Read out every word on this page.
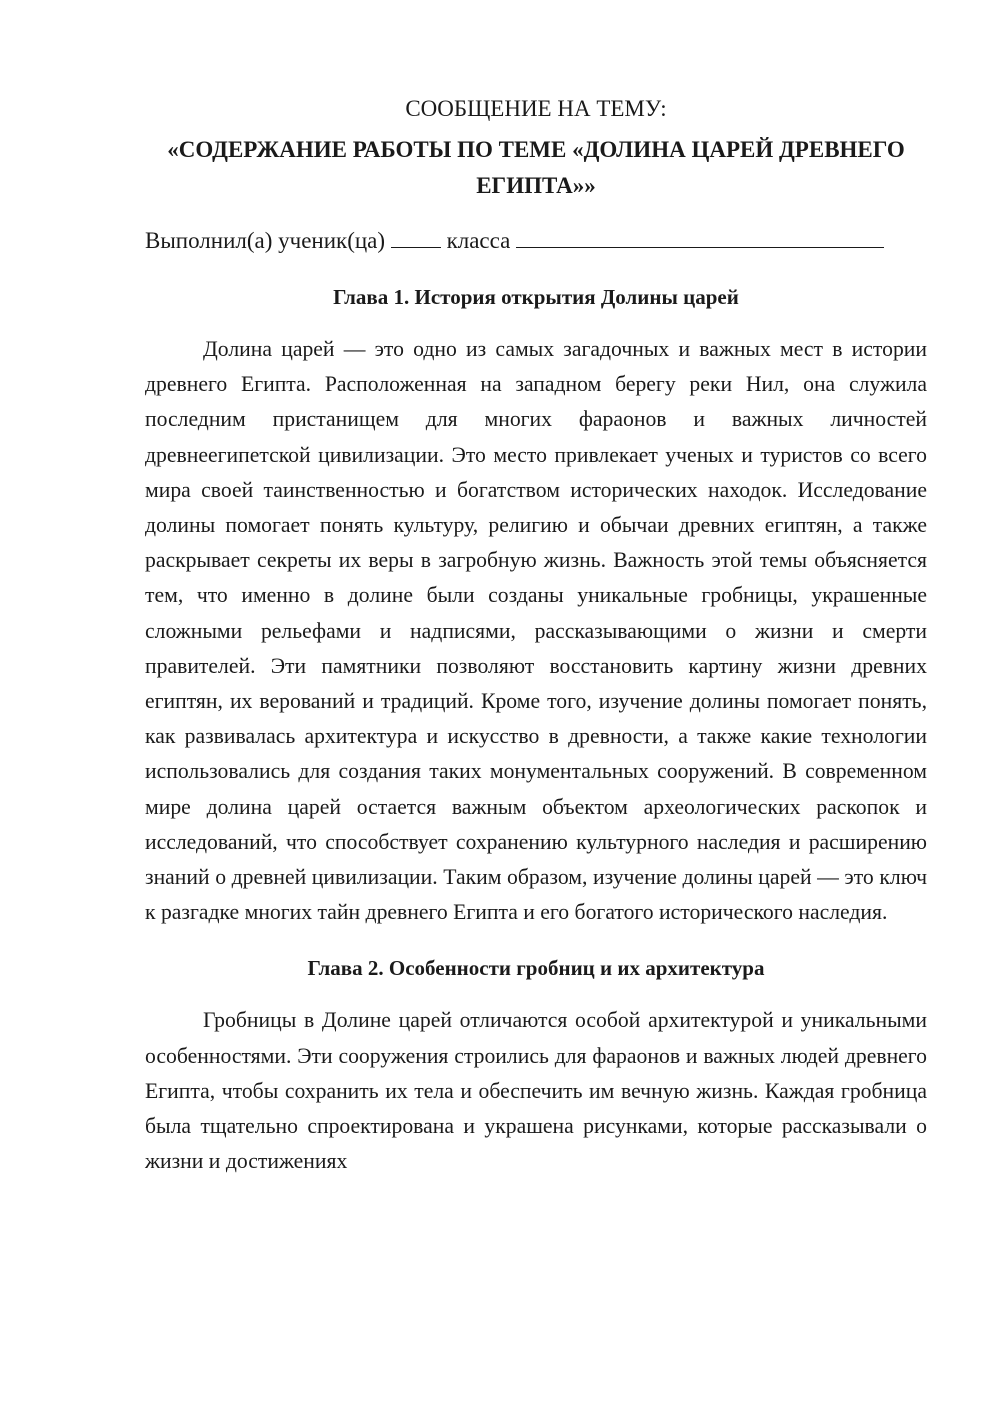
СООБЩЕНИЕ НА ТЕМУ:

«СОДЕРЖАНИЕ РАБОТЫ ПО ТЕМЕ «ДОЛИНА ЦАРЕЙ ДРЕВНЕГО ЕГИПТА»»

Выполнил(а) ученик(ца)	класса

Глава 1. История открытия Долины царей

Долина царей — это одно из самых загадочных и важных мест в истории древнего Египта. Расположенная на западном берегу реки Нил, она служила последним пристанищем для многих фараонов и важных личностей древнеегипетской цивилизации. Это место привлекает ученых и туристов со всего мира своей таинственностью и богатством исторических находок. Исследование долины помогает понять культуру, религию и обычаи древних египтян, а также раскрывает секреты их веры в загробную жизнь. Важность этой темы объясняется тем, что именно в долине были созданы уникальные гробницы, украшенные сложными рельефами и надписями, рассказывающими о жизни и смерти правителей. Эти памятники позволяют восстановить картину жизни древних египтян, их верований и традиций. Кроме того, изучение долины помогает понять, как развивалась архитектура и искусство в древности, а также какие технологии использовались для создания таких монументальных сооружений. В современном мире долина царей остается важным объектом археологических раскопок и исследований, что способствует сохранению культурного наследия и расширению знаний о древней цивилизации. Таким образом, изучение долины царей — это ключ к разгадке многих тайн древнего Египта и его богатого исторического наследия.

Глава 2. Особенности гробниц и их архитектура

Гробницы в Долине царей отличаются особой архитектурой и уникальными особенностями. Эти сооружения строились для фараонов и важных людей древнего Египта, чтобы сохранить их тела и обеспечить им вечную жизнь. Каждая гробница была тщательно спроектирована и украшена рисунками, которые рассказывали о жизни и достижениях
